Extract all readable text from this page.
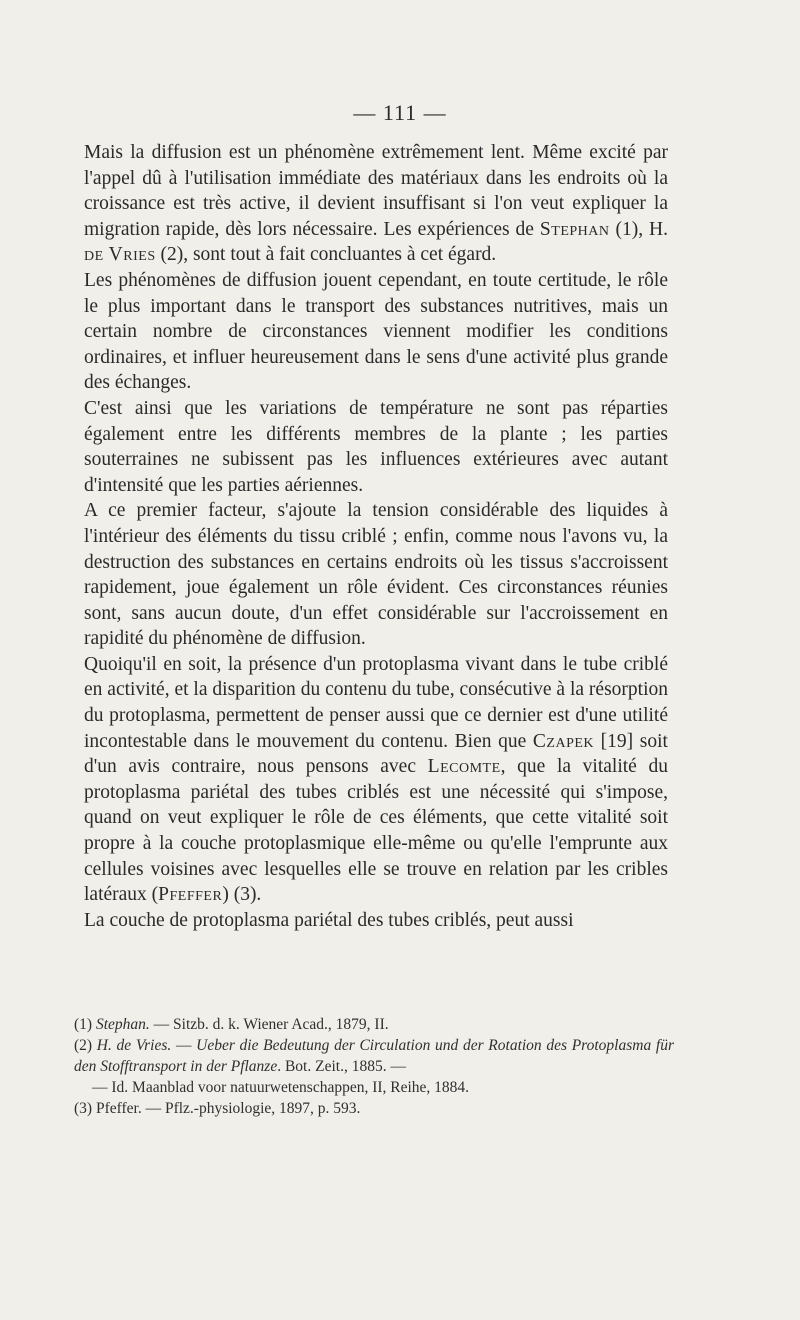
— 111 —

Mais la diffusion est un phénomène extrêmement lent. Même excité par l'appel dû à l'utilisation immédiate des matériaux dans les endroits où la croissance est très active, il devient insuffisant si l'on veut expliquer la migration rapide, dès lors nécessaire. Les expériences de Stephan (1), H. de Vries (2), sont tout à fait concluantes à cet égard.

Les phénomènes de diffusion jouent cependant, en toute certitude, le rôle le plus important dans le transport des substances nutritives, mais un certain nombre de circonstances viennent modifier les conditions ordinaires, et influer heureusement dans le sens d'une activité plus grande des échanges.

C'est ainsi que les variations de température ne sont pas réparties également entre les différents membres de la plante ; les parties souterraines ne subissent pas les influences extérieures avec autant d'intensité que les parties aériennes.

A ce premier facteur, s'ajoute la tension considérable des liquides à l'intérieur des éléments du tissu criblé ; enfin, comme nous l'avons vu, la destruction des substances en certains endroits où les tissus s'accroissent rapidement, joue également un rôle évident. Ces circonstances réunies sont, sans aucun doute, d'un effet considérable sur l'accroissement en rapidité du phénomène de diffusion.

Quoiqu'il en soit, la présence d'un protoplasma vivant dans le tube criblé en activité, et la disparition du contenu du tube, consécutive à la résorption du protoplasma, permettent de penser aussi que ce dernier est d'une utilité incontestable dans le mouvement du contenu. Bien que Czapek [19] soit d'un avis contraire, nous pensons avec Lecomte, que la vitalité du protoplasma pariétal des tubes criblés est une nécessité qui s'impose, quand on veut expliquer le rôle de ces éléments, que cette vitalité soit propre à la couche protoplasmique elle-même ou qu'elle l'emprunte aux cellules voisines avec lesquelles elle se trouve en relation par les cribles latéraux (Pfeffer) (3).

La couche de protoplasma pariétal des tubes criblés, peut aussi

(1) Stephan. — Sitzb. d. k. Wiener Acad., 1879, II.

(2) H. de Vries. — Ueber die Bedeutung der Circulation und der Rotation des Protoplasma für den Stofftransport in der Pflanze. Bot. Zeit., 1885. —

— Id. Maanblad voor natuurwetenschappen, II, Reihe, 1884.

(3) Pfeffer. — Pflz.-physiologie, 1897, p. 593.
